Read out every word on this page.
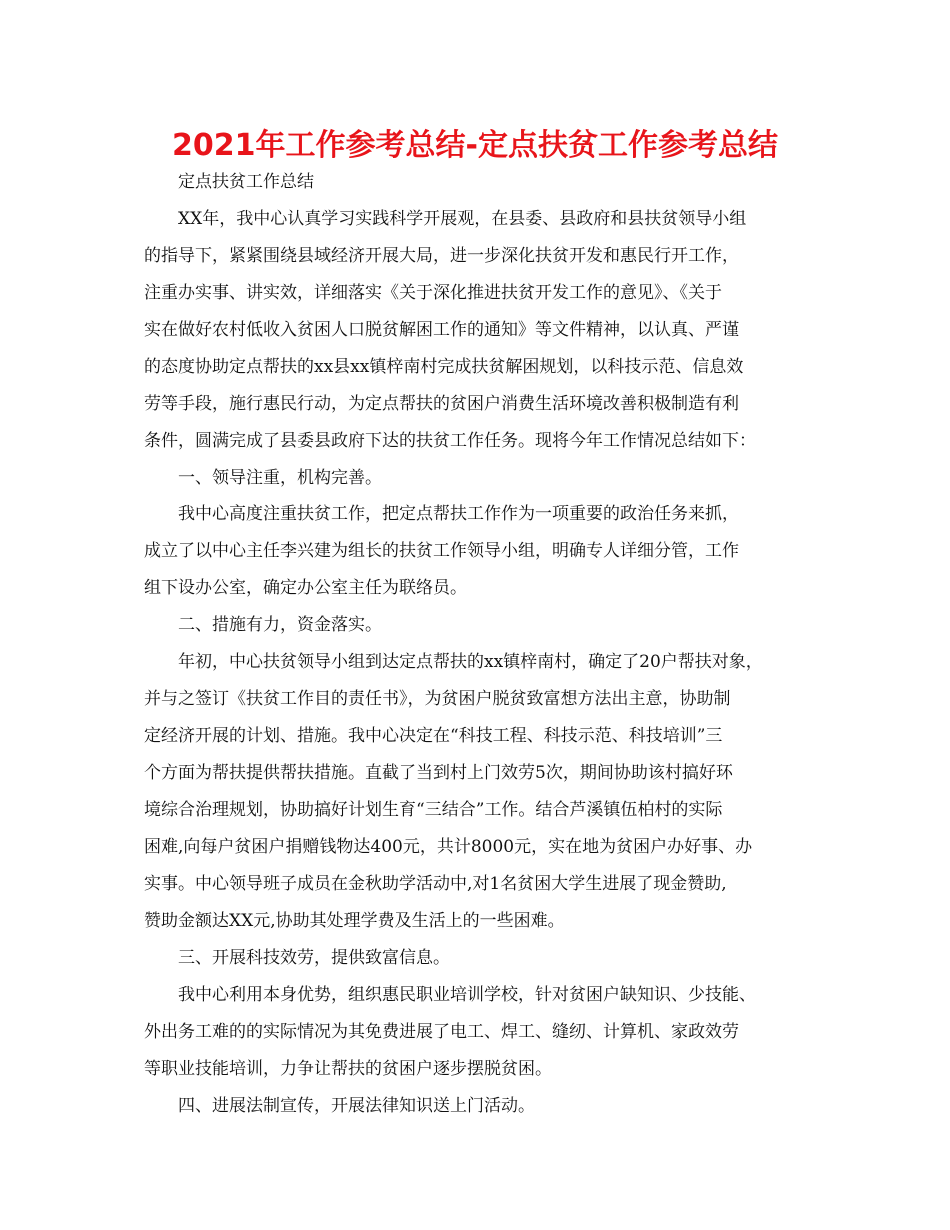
2021年工作参考总结-定点扶贫工作参考总结
定点扶贫工作总结
XX年，我中心认真学习实践科学开展观，在县委、县政府和县扶贫领导小组
的指导下，紧紧围绕县域经济开展大局，进一步深化扶贫开发和惠民行开工作，
注重办实事、讲实效，详细落实《关于深化推进扶贫开发工作的意见》、《关于
实在做好农村低收入贫困人口脱贫解困工作的通知》等文件精神，以认真、严谨
的态度协助定点帮扶的xx县xx镇梓南村完成扶贫解困规划，以科技示范、信息效
劳等手段，施行惠民行动，为定点帮扶的贫困户消费生活环境改善积极制造有利
条件，圆满完成了县委县政府下达的扶贫工作任务。现将今年工作情况总结如下：
一、领导注重，机构完善。
我中心高度注重扶贫工作，把定点帮扶工作作为一项重要的政治任务来抓，
成立了以中心主任李兴建为组长的扶贫工作领导小组，明确专人详细分管，工作
组下设办公室，确定办公室主任为联络员。
二、措施有力，资金落实。
年初，中心扶贫领导小组到达定点帮扶的xx镇梓南村，确定了20户帮扶对象，
并与之签订《扶贫工作目的责任书》，为贫困户脱贫致富想方法出主意，协助制
定经济开展的计划、措施。我中心决定在“科技工程、科技示范、科技培训”三
个方面为帮扶提供帮扶措施。直截了当到村上门效劳5次，期间协助该村搞好环
境综合治理规划，协助搞好计划生育“三结合”工作。结合芦溪镇伍柏村的实际
困难,向每户贫困户捐赠钱物达400元，共计8000元，实在地为贫困户办好事、办
实事。中心领导班子成员在金秋助学活动中,对1名贫困大学生进展了现金赞助,
赞助金额达XX元,协助其处理学费及生活上的一些困难。
三、开展科技效劳，提供致富信息。
我中心利用本身优势，组织惠民职业培训学校，针对贫困户缺知识、少技能、
外出务工难的的实际情况为其免费进展了电工、焊工、缝纫、计算机、家政效劳
等职业技能培训，力争让帮扶的贫困户逐步摆脱贫困。
四、进展法制宣传，开展法律知识送上门活动。
